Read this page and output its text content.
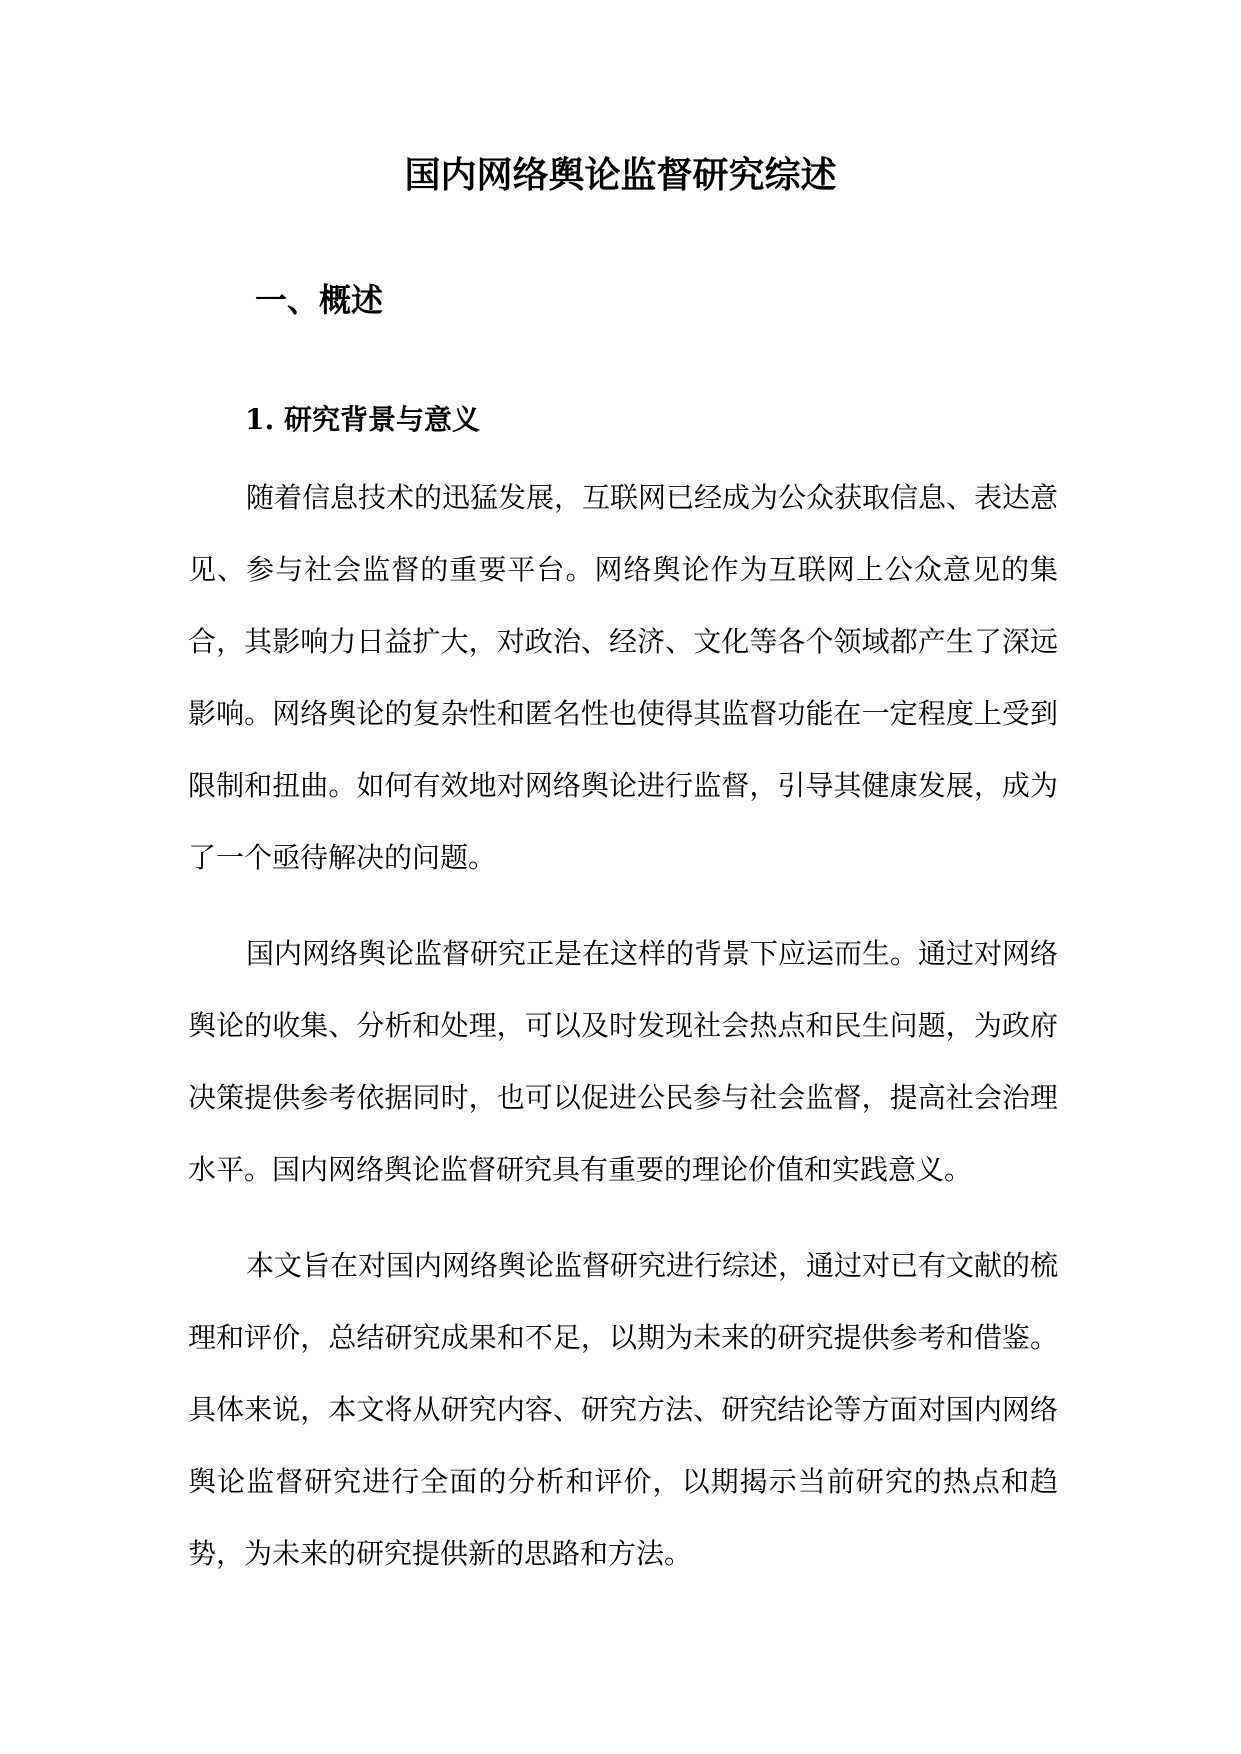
国内网络舆论监督研究综述
一、概述
1. 研究背景与意义

随着信息技术的迅猛发展，互联网已经成为公众获取信息、表达意见、参与社会监督的重要平台。网络舆论作为互联网上公众意见的集合，其影响力日益扩大，对政治、经济、文化等各个领域都产生了深远影响。网络舆论的复杂性和匿名性也使得其监督功能在一定程度上受到限制和扭曲。如何有效地对网络舆论进行监督，引导其健康发展，成为了一个亟待解决的问题。

国内网络舆论监督研究正是在这样的背景下应运而生。通过对网络舆论的收集、分析和处理，可以及时发现社会热点和民生问题，为政府决策提供参考依据同时，也可以促进公民参与社会监督，提高社会治理水平。国内网络舆论监督研究具有重要的理论价值和实践意义。

本文旨在对国内网络舆论监督研究进行综述，通过对已有文献的梳理和评价，总结研究成果和不足，以期为未来的研究提供参考和借鉴。具体来说，本文将从研究内容、研究方法、研究结论等方面对国内网络舆论监督研究进行全面的分析和评价，以期揭示当前研究的热点和趋势，为未来的研究提供新的思路和方法。
